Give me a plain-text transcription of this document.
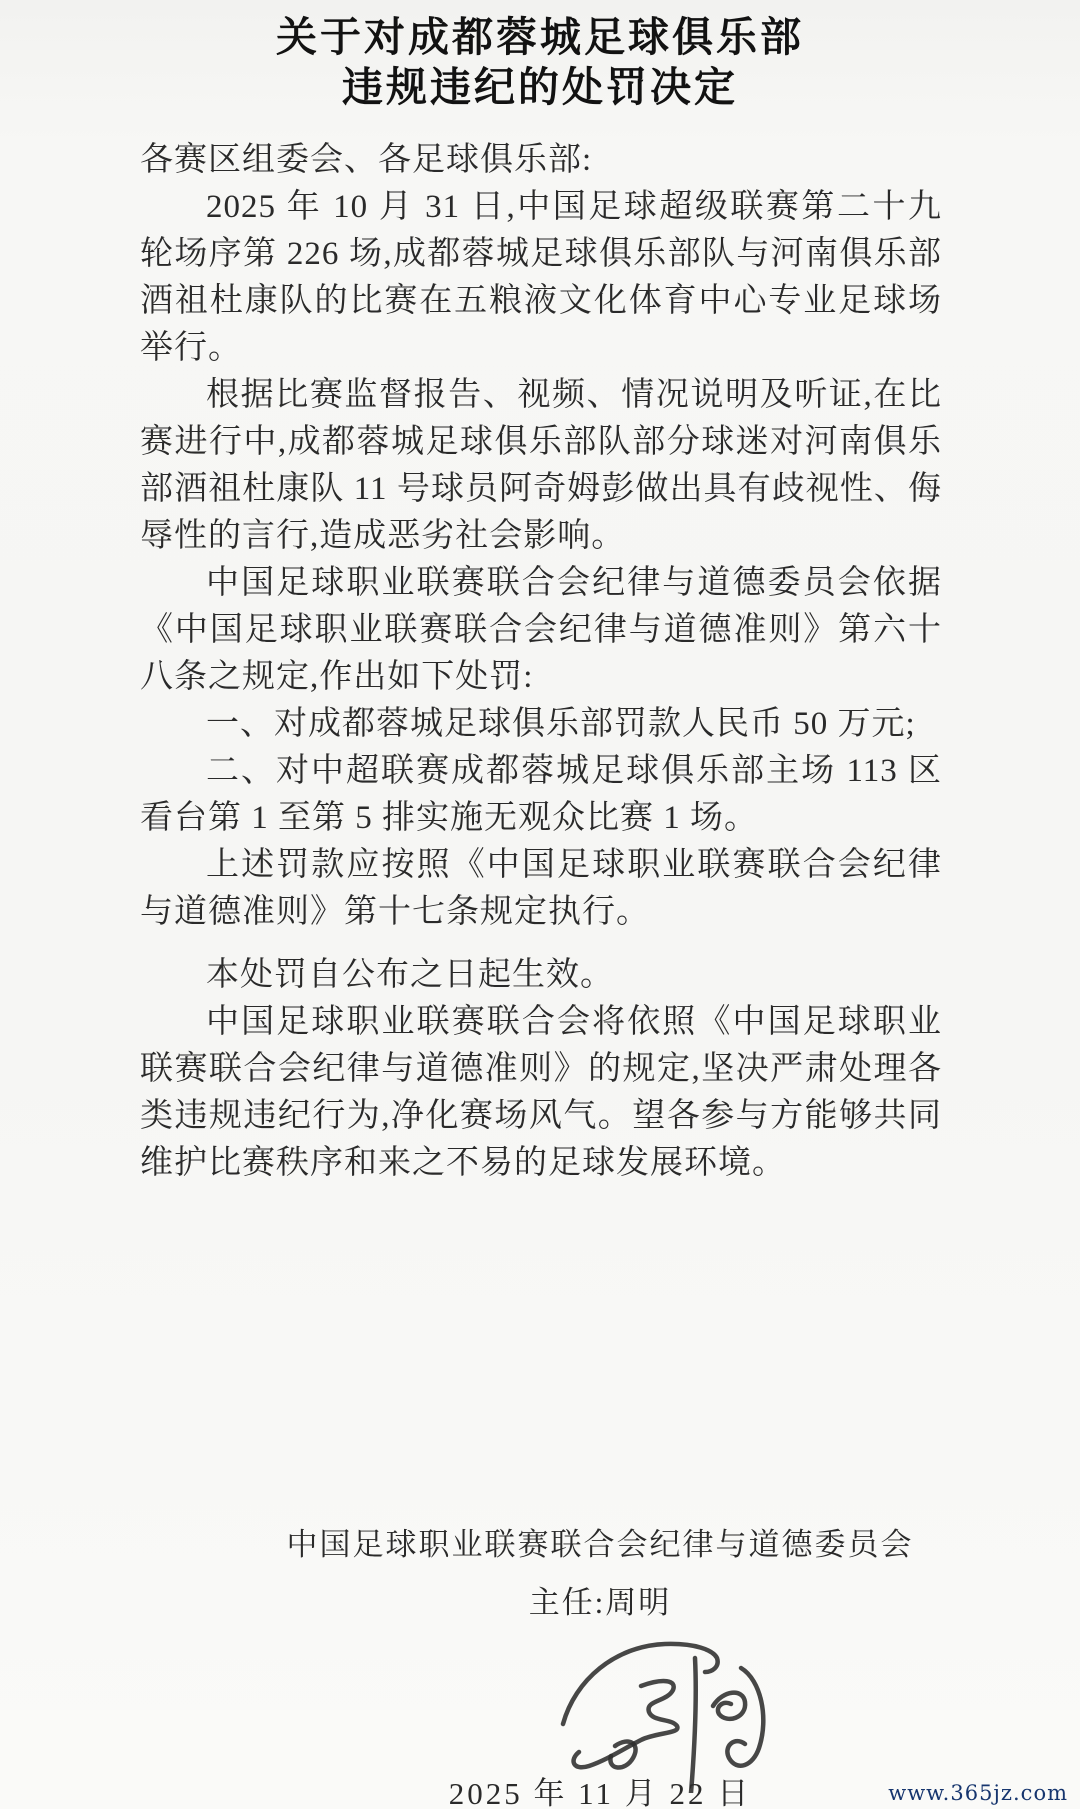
关于对成都蓉城足球俱乐部
违规违纪的处罚决定

各赛区组委会、各足球俱乐部:

2025 年 10 月 31 日,中国足球超级联赛第二十九轮场序第 226 场,成都蓉城足球俱乐部队与河南俱乐部酒祖杜康队的比赛在五粮液文化体育中心专业足球场举行。

根据比赛监督报告、视频、情况说明及听证,在比赛进行中,成都蓉城足球俱乐部队部分球迷对河南俱乐部酒祖杜康队 11 号球员阿奇姆彭做出具有歧视性、侮辱性的言行,造成恶劣社会影响。

中国足球职业联赛联合会纪律与道德委员会依据《中国足球职业联赛联合会纪律与道德准则》第六十八条之规定,作出如下处罚:

一、对成都蓉城足球俱乐部罚款人民币 50 万元;

二、对中超联赛成都蓉城足球俱乐部主场 113 区看台第 1 至第 5 排实施无观众比赛 1 场。

上述罚款应按照《中国足球职业联赛联合会纪律与道德准则》第十七条规定执行。

本处罚自公布之日起生效。

中国足球职业联赛联合会将依照《中国足球职业联赛联合会纪律与道德准则》的规定,坚决严肃处理各类违规违纪行为,净化赛场风气。望各参与方能够共同维护比赛秩序和来之不易的足球发展环境。

中国足球职业联赛联合会纪律与道德委员会

主任:周明

2025 年 11 月 22 日	www.365jz.com
